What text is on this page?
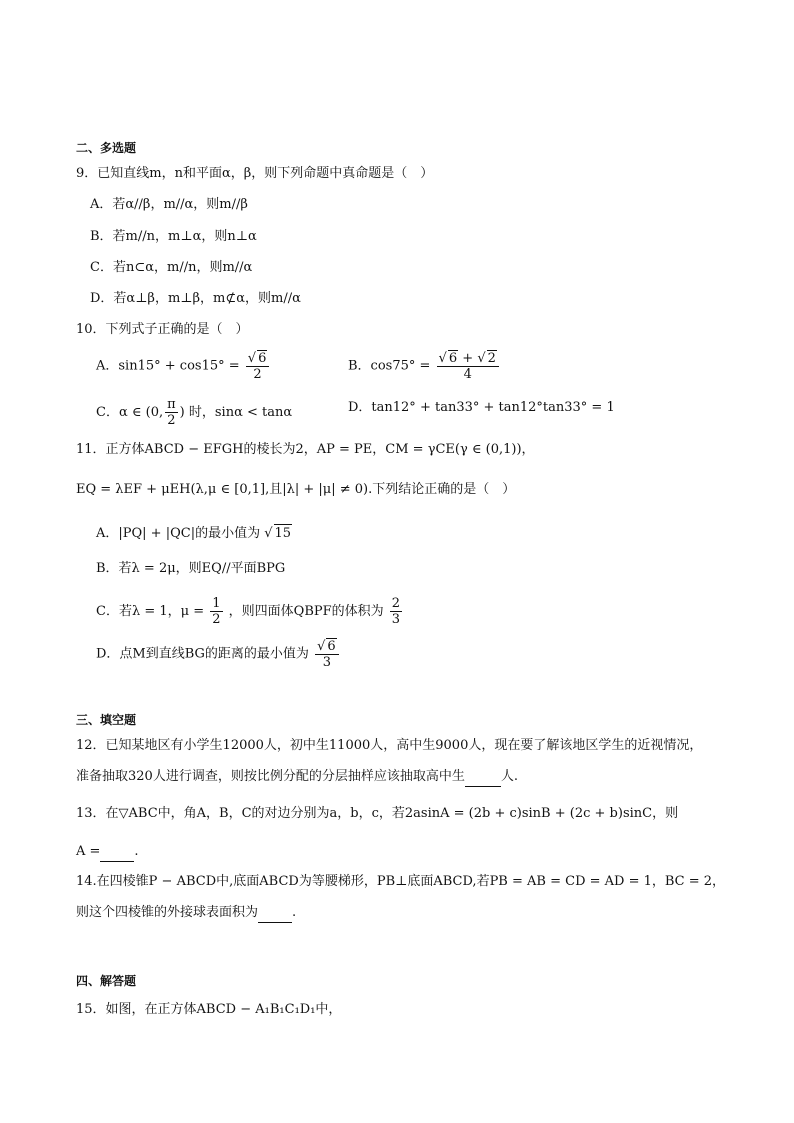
二、多选题
9．已知直线m，n和平面α，β，则下列命题中真命题是（　）
A．若α//β，m//α，则m//β
B．若m//n，m⊥α，则n⊥α
C．若n⊂α，m//n，则m//α
D．若α⊥β，m⊥β，m⊄α，则m//α
10．下列式子正确的是（　）
A．$\sin 15^\circ + \cos 15^\circ = \frac{√ 6}{2}$	B．$\cos 75^\circ = \frac{√ 6 + √ 2}{4}$
C．α ∈ (0, $\frac{\pi}{2}$ ) 时，sinα < tanα	D．tan12° + tan33° + tan12°tan33° = 1
11．正方体ABCD − EFGH的棱长为2，AP = PE，CM = γCE(γ ∈ (0,1))，
EQ = λEF + μEH(λ,μ ∈ [0,1],且|λ| + |μ| ≠ 0).下列结论正确的是（　）
A．|PQ| + |QC|的最小值为 √ 15
B．若λ = 2μ，则EQ//平面BPG
C．若λ = 1，$\mu = \frac{1}{2}$ ，则四面体QBPF的体积为 $\frac{2}{3}$
D．点M到直线BG的距离的最小值为 $\frac{√ 6}{3}$
三、填空题
12．已知某地区有小学生12000人，初中生11000人，高中生9000人，现在要了解该地区学生的近视情况，
准备抽取320人进行调查，则按比例分配的分层抽样应该抽取高中生	人.
13．在▽ABC中，角A，B，C的对边分别为a，b，c，若2asinA = (2b + c)sinB + (2c + b)sinC，则
A =	.
14.在四棱锥P − ABCD中,底面ABCD为等腰梯形，PB⊥底面ABCD,若PB = AB = CD = AD = 1，BC = 2，
则这个四棱锥的外接球表面积为	.
四、解答题
15．如图，在正方体ABCD − A₁B₁C₁D₁中，
